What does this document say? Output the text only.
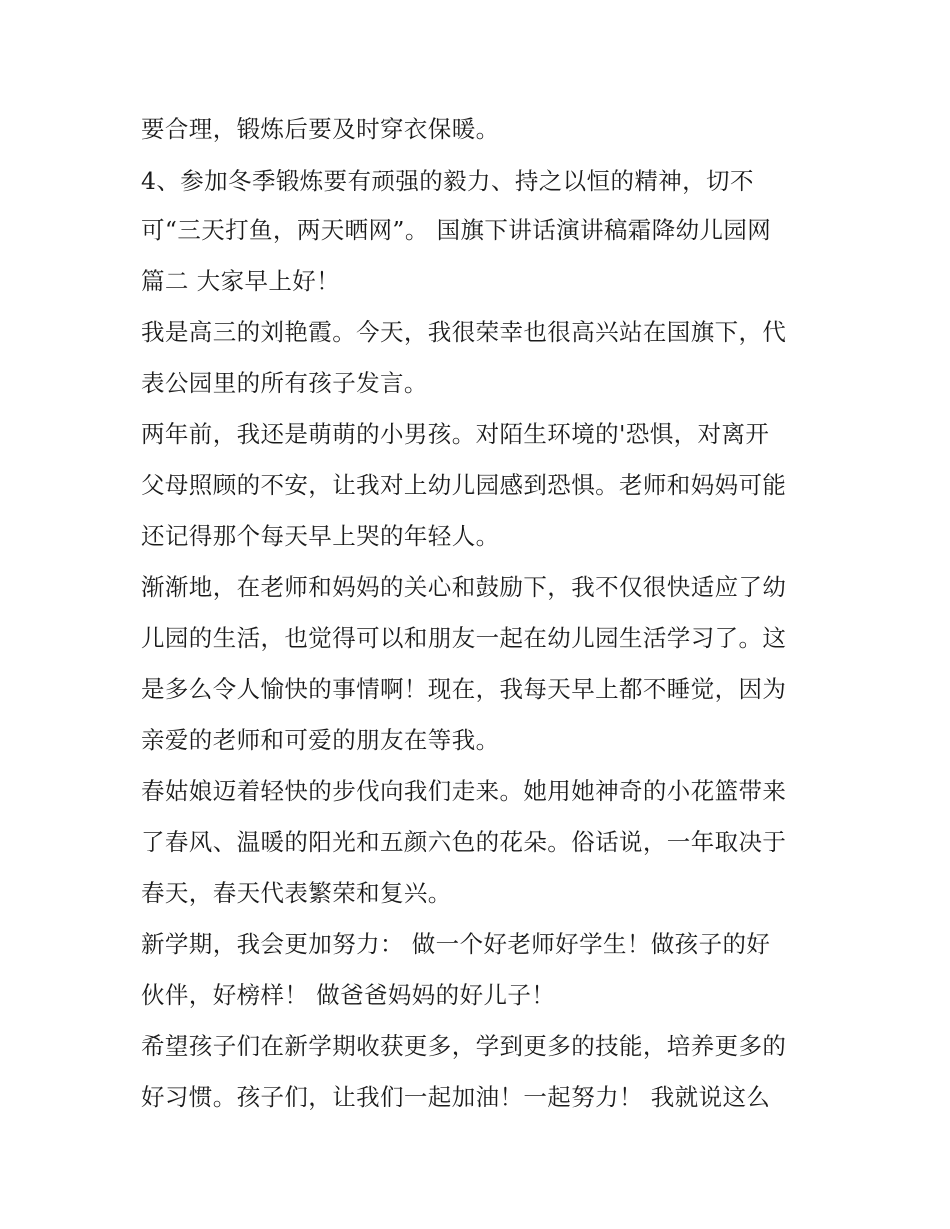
要合理，锻炼后要及时穿衣保暖。
4、参加冬季锻炼要有顽强的毅力、持之以恒的精神，切不
可“三天打鱼，两天晒网”。 国旗下讲话演讲稿霜降幼儿园网
篇二 大家早上好！
我是高三的刘艳霞。今天，我很荣幸也很高兴站在国旗下，代
表公园里的所有孩子发言。
两年前，我还是萌萌的小男孩。对陌生环境的'恐惧，对离开
父母照顾的不安，让我对上幼儿园感到恐惧。老师和妈妈可能
还记得那个每天早上哭的年轻人。
渐渐地，在老师和妈妈的关心和鼓励下，我不仅很快适应了幼
儿园的生活，也觉得可以和朋友一起在幼儿园生活学习了。这
是多么令人愉快的事情啊！现在，我每天早上都不睡觉，因为
亲爱的老师和可爱的朋友在等我。
春姑娘迈着轻快的步伐向我们走来。她用她神奇的小花篮带来
了春风、温暖的阳光和五颜六色的花朵。俗话说，一年取决于
春天，春天代表繁荣和复兴。
新学期，我会更加努力： 做一个好老师好学生！做孩子的好
伙伴，好榜样！ 做爸爸妈妈的好儿子！
希望孩子们在新学期收获更多，学到更多的技能，培养更多的
好习惯。孩子们，让我们一起加油！一起努力！ 我就说这么
